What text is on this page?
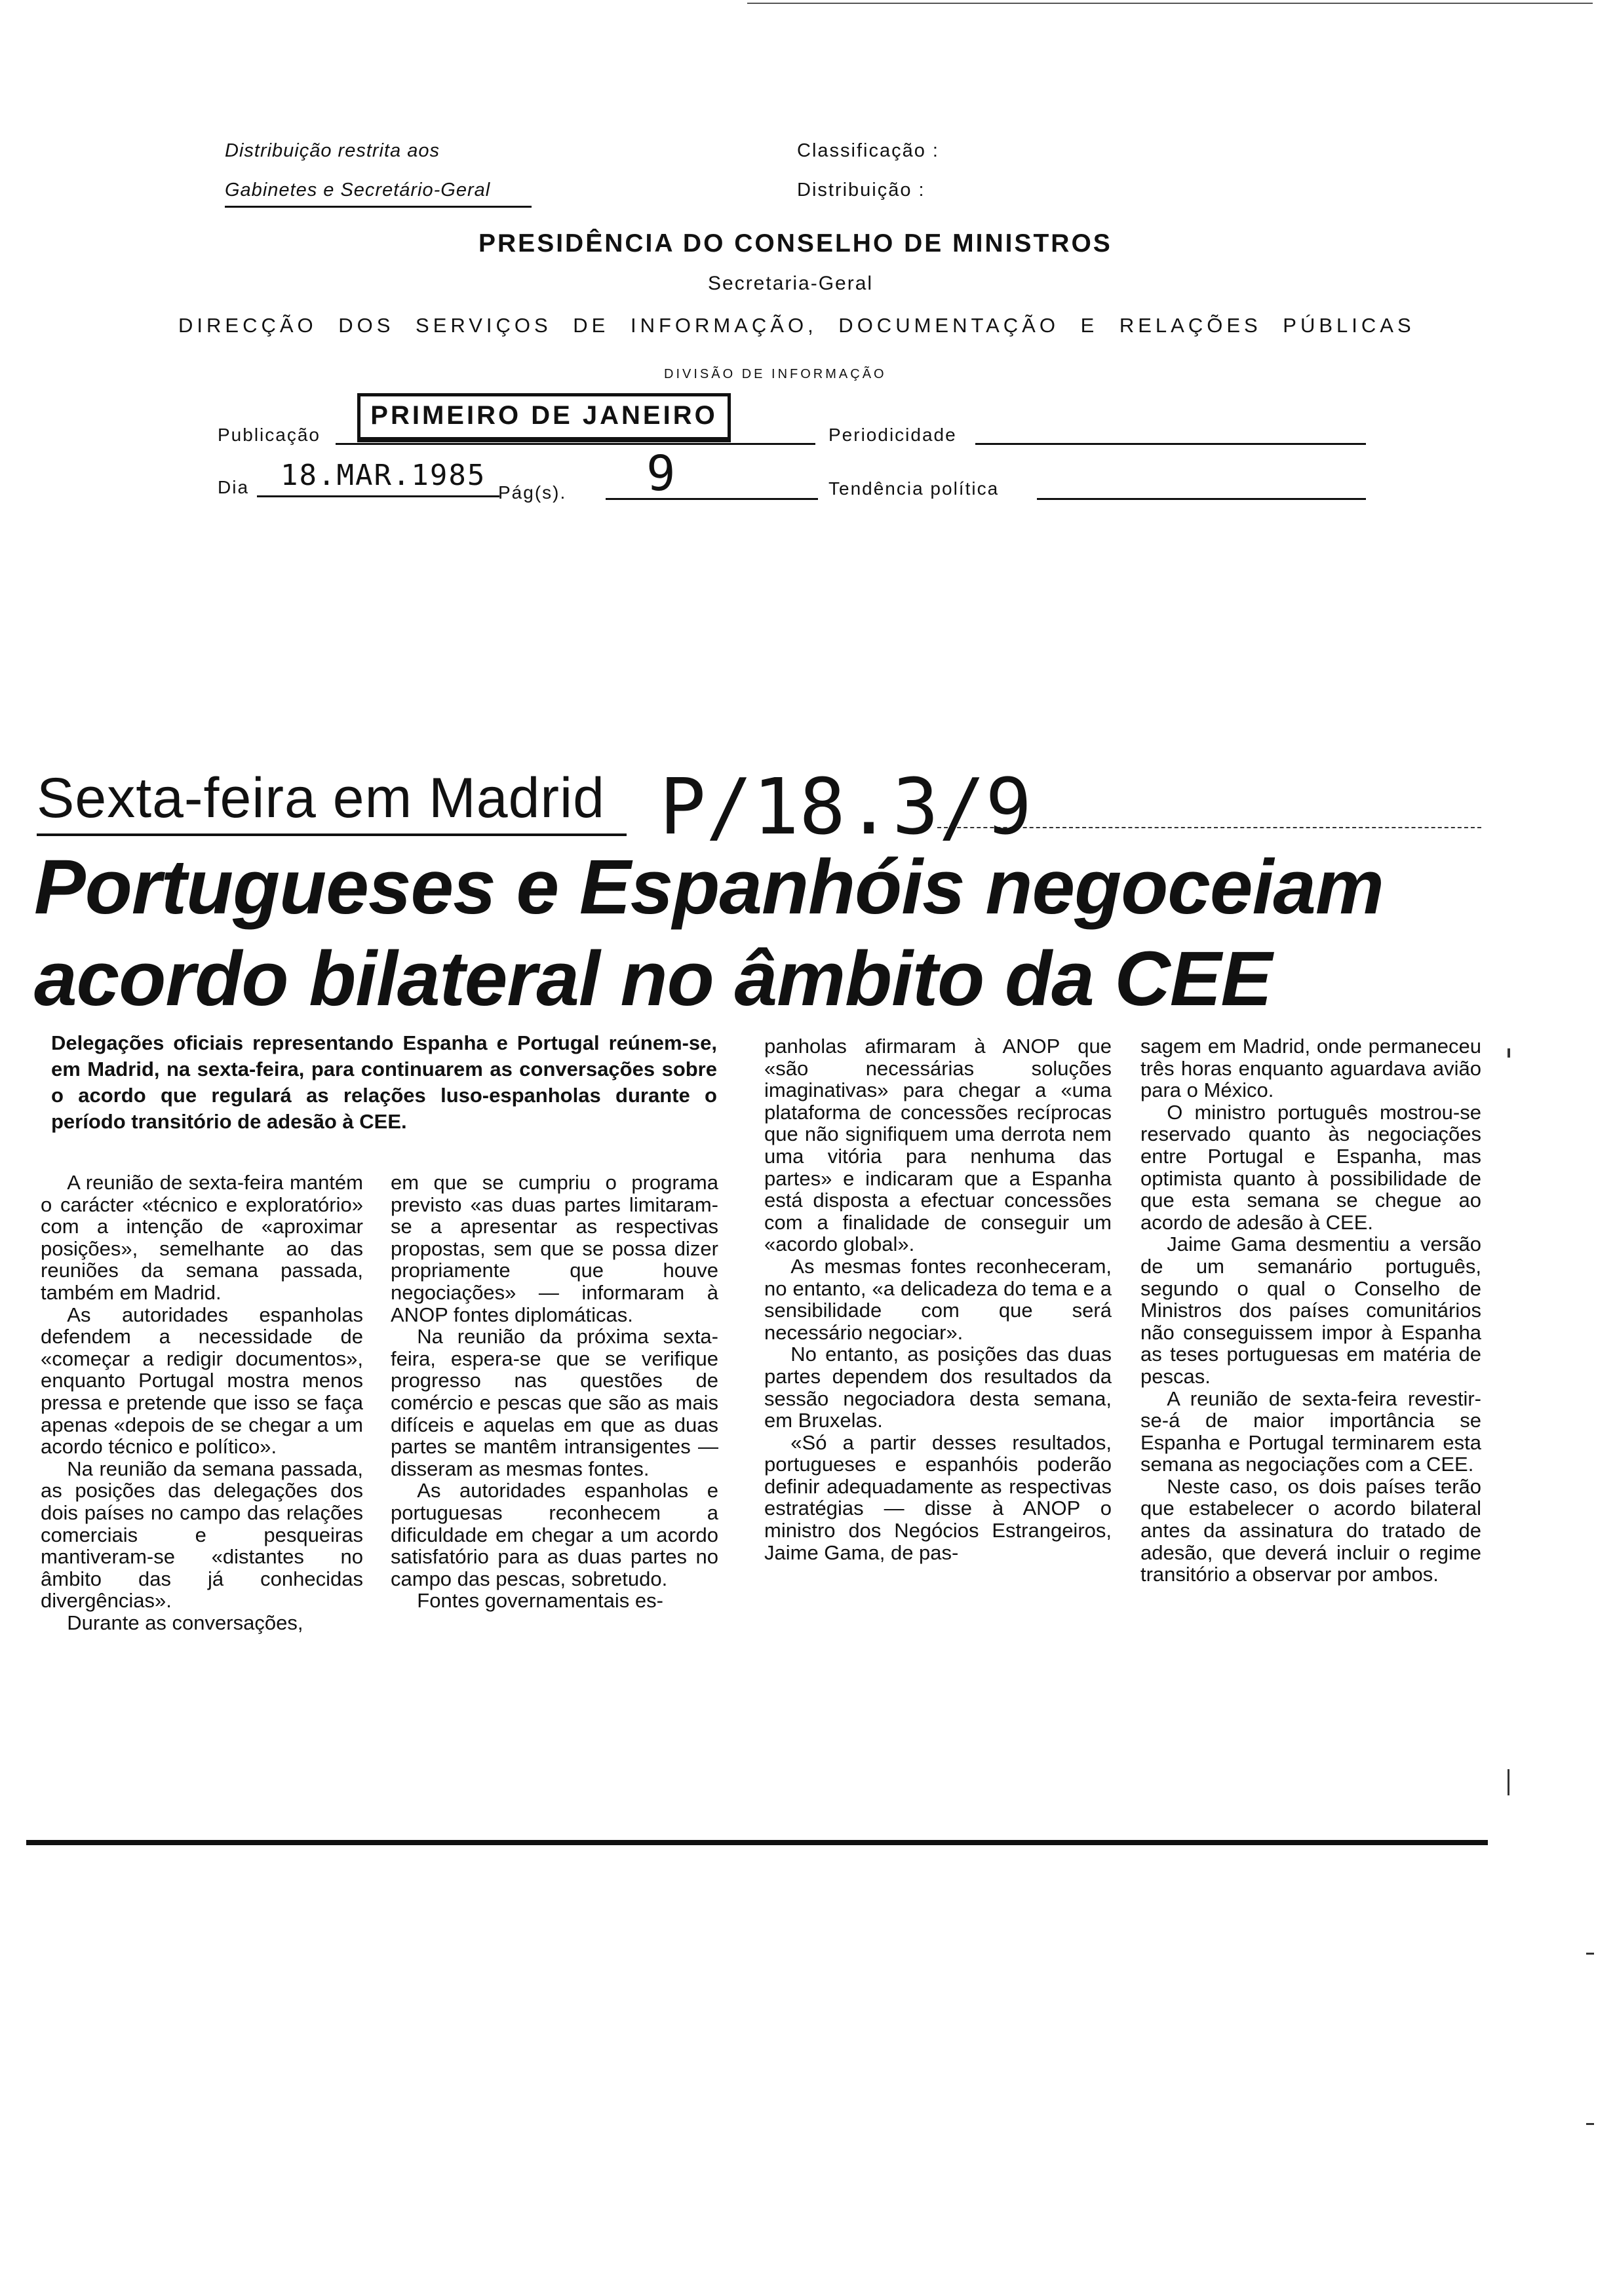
Distribuição restrita aos
Gabinetes e Secretário-Geral
Classificação :
Distribuição :
PRESIDÊNCIA DO CONSELHO DE MINISTROS
Secretaria-Geral
DIRECÇÃO DOS SERVIÇOS DE INFORMAÇÃO, DOCUMENTAÇÃO E RELAÇÕES PÚBLICAS
DIVISÃO DE INFORMAÇÃO
Publicação
PRIMEIRO DE JANEIRO
Periodicidade
Dia 18.MAR.1985
Pág(s). 9	Tendência política
Sexta-feira em Madrid P/18.3/9
Portugueses e Espanhóis negoceiam
acordo bilateral no âmbito da CEE
Delegações oficiais representando Espanha e Portugal reúnem-se, em Madrid, na sexta-feira, para continuarem as conversações sobre o acordo que regulará as relações luso-espanholas durante o período transitório de adesão à CEE.

A reunião de sexta-feira mantém o carácter «técnico e exploratório» com a intenção de «aproximar posições», semelhante ao das reuniões da semana passada, também em Madrid.

As autoridades espanholas defendem a necessidade de «começar a redigir documentos», enquanto Portugal mostra menos pressa e pretende que isso se faça apenas «depois de se chegar a um acordo técnico e político».

Na reunião da semana passada, as posições das delegações dos dois países no campo das relações comerciais e pesqueiras mantiveram-se «distantes no âmbito das já conhecidas divergências».

Durante as conversações,

em que se cumpriu o programa previsto «as duas partes limitaram-se a apresentar as respectivas propostas, sem que se possa dizer propriamente que houve negociações» — informaram à ANOP fontes diplomáticas.

Na reunião da próxima sexta-feira, espera-se que se verifique progresso nas questões de comércio e pescas que são as mais difíceis e aquelas em que as duas partes se mantêm intransigentes — disseram as mesmas fontes.

As autoridades espanholas e portuguesas reconhecem a dificuldade em chegar a um acordo satisfatório para as duas partes no campo das pescas, sobretudo.

Fontes governamentais es-

panholas afirmaram à ANOP que «são necessárias soluções imaginativas» para chegar a «uma plataforma de concessões recíprocas que não signifiquem uma derrota nem uma vitória para nenhuma das partes» e indicaram que a Espanha está disposta a efectuar concessões com a finalidade de conseguir um «acordo global».

As mesmas fontes reconheceram, no entanto, «a delicadeza do tema e a sensibilidade com que será necessário negociar».

No entanto, as posições das duas partes dependem dos resultados da sessão negociadora desta semana, em Bruxelas.

«Só a partir desses resultados, portugueses e espanhóis poderão definir adequadamente as respectivas estratégias — disse à ANOP o ministro dos Negócios Estrangeiros, Jaime Gama, de pas-

sagem em Madrid, onde permaneceu três horas enquanto aguardava avião para o México.

O ministro português mostrou-se reservado quanto às negociações entre Portugal e Espanha, mas optimista quanto à possibilidade de que esta semana se chegue ao acordo de adesão à CEE.

Jaime Gama desmentiu a versão de um semanário português, segundo o qual o Conselho de Ministros dos países comunitários não conseguissem impor à Espanha as teses portuguesas em matéria de pescas.

A reunião de sexta-feira revestir-se-á de maior importância se Espanha e Portugal terminarem esta semana as negociações com a CEE.

Neste caso, os dois países terão que estabelecer o acordo bilateral antes da assinatura do tratado de adesão, que deverá incluir o regime transitório a observar por ambos.
